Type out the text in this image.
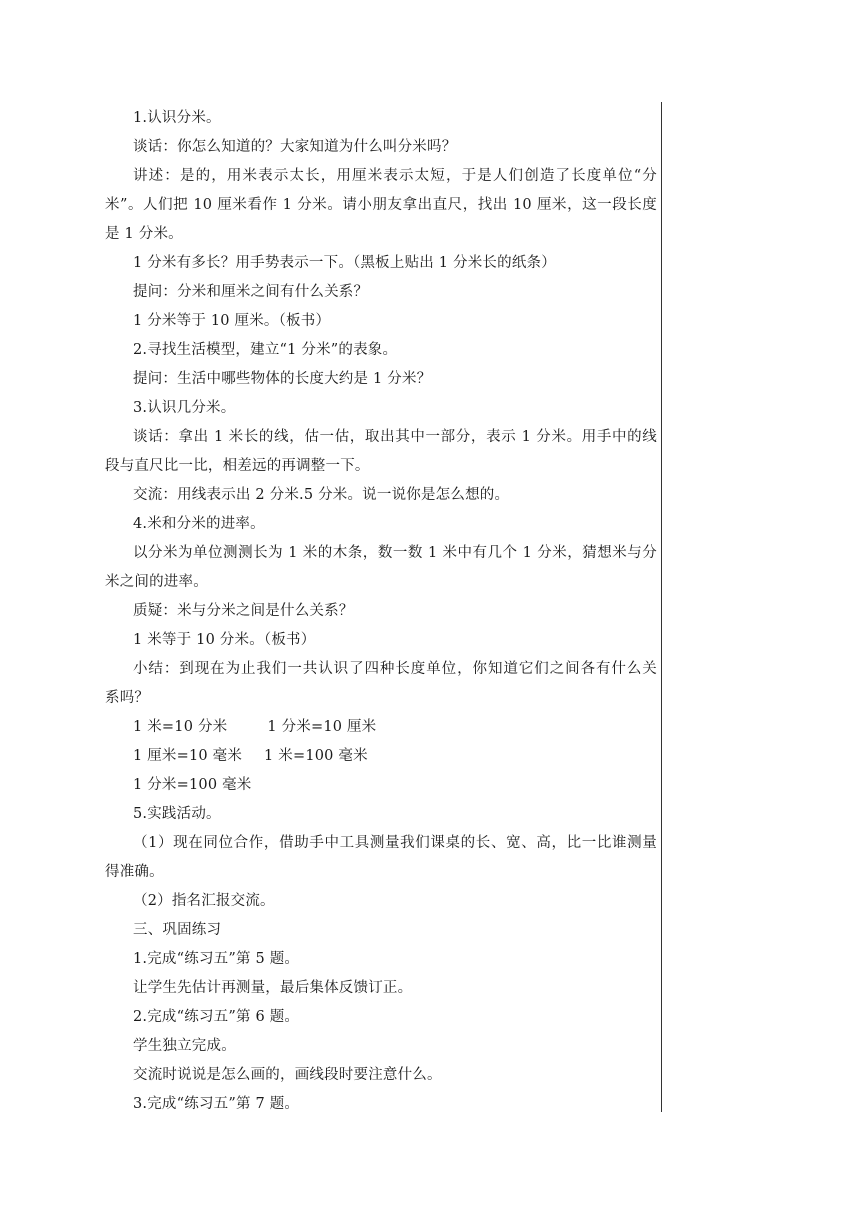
1.认识分米。
谈话：你怎么知道的？大家知道为什么叫分米吗？
讲述：是的，用米表示太长，用厘米表示太短，于是人们创造了长度单位“分
米”。人们把 10 厘米看作 1 分米。请小朋友拿出直尺，找出 10 厘米，这一段长度
是 1 分米。
1 分米有多长？用手势表示一下。（黑板上贴出 1 分米长的纸条）
提问：分米和厘米之间有什么关系？
1 分米等于 10 厘米。（板书）
2.寻找生活模型，建立“1 分米”的表象。
提问：生活中哪些物体的长度大约是 1 分米？
3.认识几分米。
谈话：拿出 1 米长的线，估一估，取出其中一部分，表示 1 分米。用手中的线
段与直尺比一比，相差远的再调整一下。
交流：用线表示出 2 分米.5 分米。说一说你是怎么想的。
4.米和分米的进率。
以分米为单位测测长为 1 米的木条，数一数 1 米中有几个 1 分米，猜想米与分
米之间的进率。
质疑：米与分米之间是什么关系？
1 米等于 10 分米。（板书）
小结：到现在为止我们一共认识了四种长度单位，你知道它们之间各有什么关
系吗？
1 米=10 分米	1 分米=10 厘米
1 厘米=10 毫米 1 米=100 毫米
1 分米=100 毫米
5.实践活动。
（1）现在同位合作，借助手中工具测量我们课桌的长、宽、高，比一比谁测量
得准确。
（2）指名汇报交流。
三、巩固练习
1.完成“练习五”第 5 题。
让学生先估计再测量，最后集体反馈订正。
2.完成“练习五”第 6 题。
学生独立完成。
交流时说说是怎么画的，画线段时要注意什么。
3.完成“练习五”第 7 题。
